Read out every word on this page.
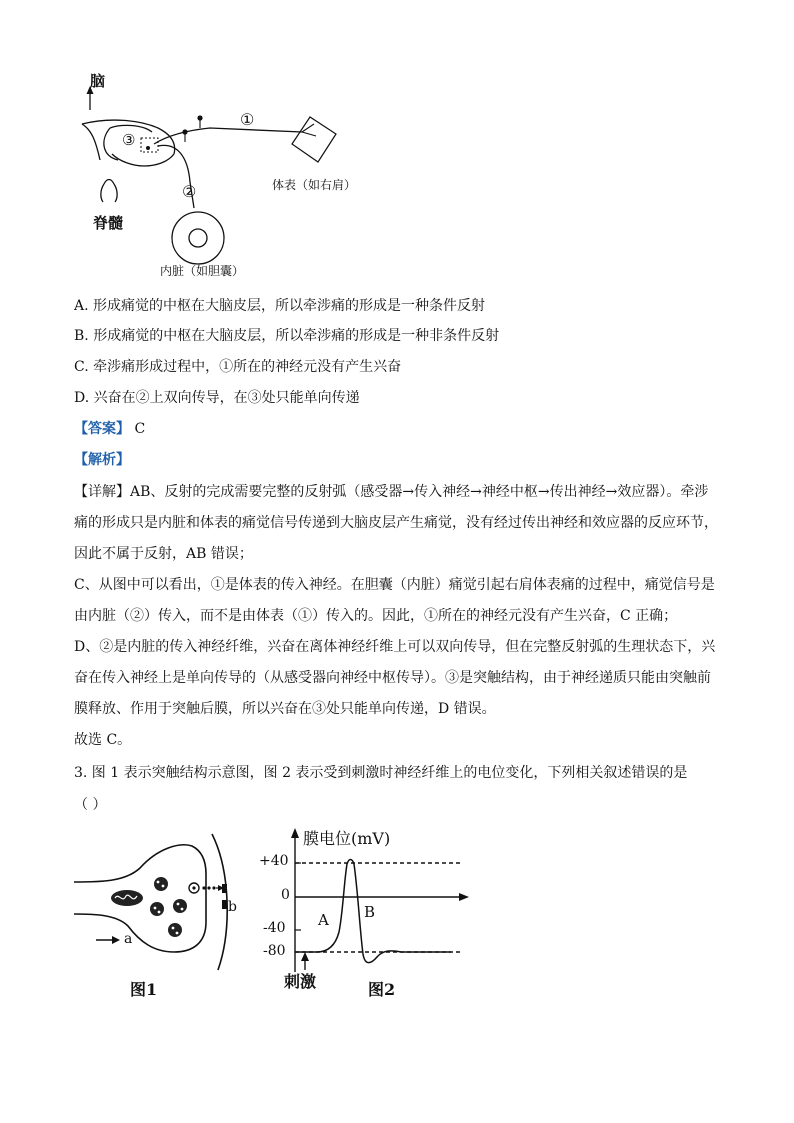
脑
③
①
②
脊髓
体表（如右肩）
内脏（如胆囊）
A. 形成痛觉的中枢在大脑皮层，所以牵涉痛的形成是一种条件反射
B. 形成痛觉的中枢在大脑皮层，所以牵涉痛的形成是一种非条件反射
C. 牵涉痛形成过程中，①所在的神经元没有产生兴奋
D. 兴奋在②上双向传导，在③处只能单向传递
【答案】 C
【解析】
【详解】AB、反射的完成需要完整的反射弧（感受器→传入神经→神经中枢→传出神经→效应器）。牵涉
痛的形成只是内脏和体表的痛觉信号传递到大脑皮层产生痛觉，没有经过传出神经和效应器的反应环节，
因此不属于反射，AB 错误；
C、从图中可以看出，①是体表的传入神经。在胆囊（内脏）痛觉引起右肩体表痛的过程中，痛觉信号是
由内脏（②）传入，而不是由体表（①）传入的。因此，①所在的神经元没有产生兴奋，C 正确；
D、②是内脏的传入神经纤维，兴奋在离体神经纤维上可以双向传导，但在完整反射弧的生理状态下，兴
奋在传入神经上是单向传导的（从感受器向神经中枢传导）。③是突触结构，由于神经递质只能由突触前
膜释放、作用于突触后膜，所以兴奋在③处只能单向传递，D 错误。
故选 C。
3. 图 1 表示突触结构示意图，图 2 表示受到刺激时神经纤维上的电位变化，下列相关叙述错误的是
（ ）
a
b
图1
膜电位(mV)
+40
0
-40
-80
A B
刺激	图2
